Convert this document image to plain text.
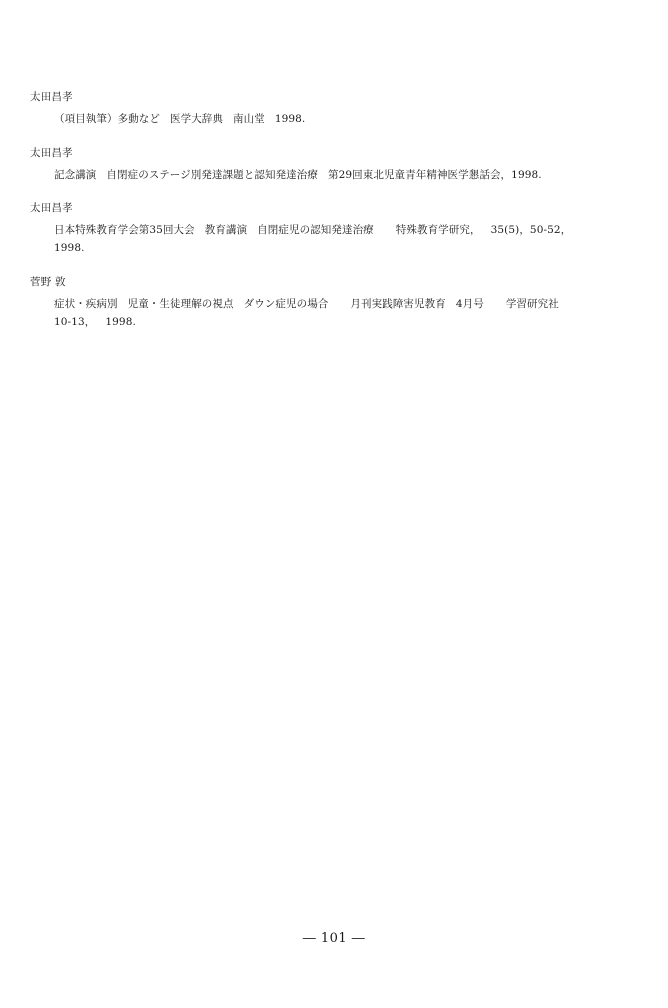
太田昌孝
（項目執筆）多動など 医学大辞典 南山堂 1998.
太田昌孝
記念講演 自閉症のステージ別発達課題と認知発達治療 第29回東北児童青年精神医学懇話会，1998.
太田昌孝
日本特殊教育学会第35回大会 教育講演 自閉症児の認知発達治療 特殊教育学研究， 35(5)，50-52，
1998.
菅野 敦
症状・疾病別 児童・生徒理解の視点 ダウン症児の場合 月刊実践障害児教育 4月号 学習研究社
10-13， 1998.
― 101 ―
